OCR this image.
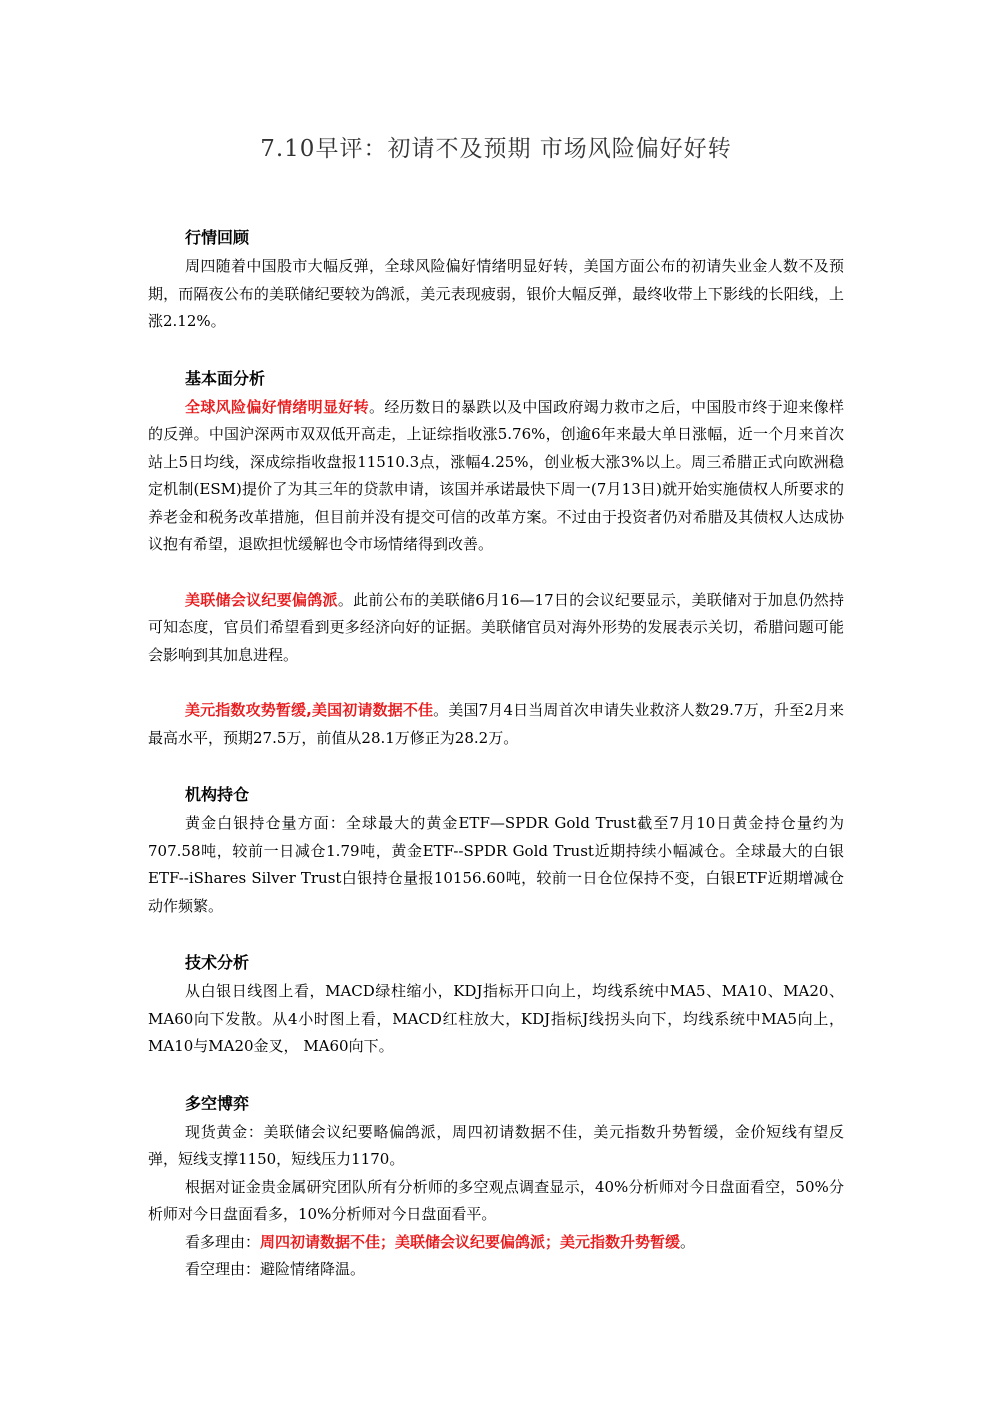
7.10早评：初请不及预期 市场风险偏好好转
行情回顾

周四随着中国股市大幅反弹，全球风险偏好情绪明显好转，美国方面公布的初请失业金人数不及预期，而隔夜公布的美联储纪要较为鸽派，美元表现疲弱，银价大幅反弹，最终收带上下影线的长阳线，上涨2.12%。

基本面分析

全球风险偏好情绪明显好转。经历数日的暴跌以及中国政府竭力救市之后，中国股市终于迎来像样的反弹。中国沪深两市双双低开高走，上证综指收涨5.76%，创逾6年来最大单日涨幅，近一个月来首次站上5日均线，深成综指收盘报11510.3点，涨幅4.25%，创业板大涨3%以上。周三希腊正式向欧洲稳定机制(ESM)提价了为其三年的贷款申请，该国并承诺最快下周一(7月13日)就开始实施债权人所要求的养老金和税务改革措施，但目前并没有提交可信的改革方案。不过由于投资者仍对希腊及其债权人达成协议抱有希望，退欧担忧缓解也令市场情绪得到改善。

美联储会议纪要偏鸽派。此前公布的美联储6月16—17日的会议纪要显示，美联储对于加息仍然持可知态度，官员们希望看到更多经济向好的证据。美联储官员对海外形势的发展表示关切，希腊问题可能会影响到其加息进程。

美元指数攻势暂缓,美国初请数据不佳。美国7月4日当周首次申请失业救济人数29.7万，升至2月来最高水平，预期27.5万，前值从28.1万修正为28.2万。

机构持仓

黄金白银持仓量方面：全球最大的黄金ETF—SPDR Gold Trust截至7月10日黄金持仓量约为707.58吨，较前一日减仓1.79吨，黄金ETF--SPDR Gold Trust近期持续小幅减仓。全球最大的白银ETF--iShares Silver Trust白银持仓量报10156.60吨，较前一日仓位保持不变，白银ETF近期增减仓动作频繁。

技术分析

从白银日线图上看，MACD绿柱缩小，KDJ指标开口向上，均线系统中MA5、MA10、MA20、MA60向下发散。从4小时图上看，MACD红柱放大，KDJ指标J线拐头向下，均线系统中MA5向上，MA10与MA20金叉， MA60向下。

多空博弈

现货黄金：美联储会议纪要略偏鸽派，周四初请数据不佳，美元指数升势暂缓，金价短线有望反弹，短线支撑1150，短线压力1170。

根据对证金贵金属研究团队所有分析师的多空观点调查显示，40%分析师对今日盘面看空，50%分析师对今日盘面看多，10%分析师对今日盘面看平。

看多理由：周四初请数据不佳；美联储会议纪要偏鸽派；美元指数升势暂缓。

看空理由：避险情绪降温。
